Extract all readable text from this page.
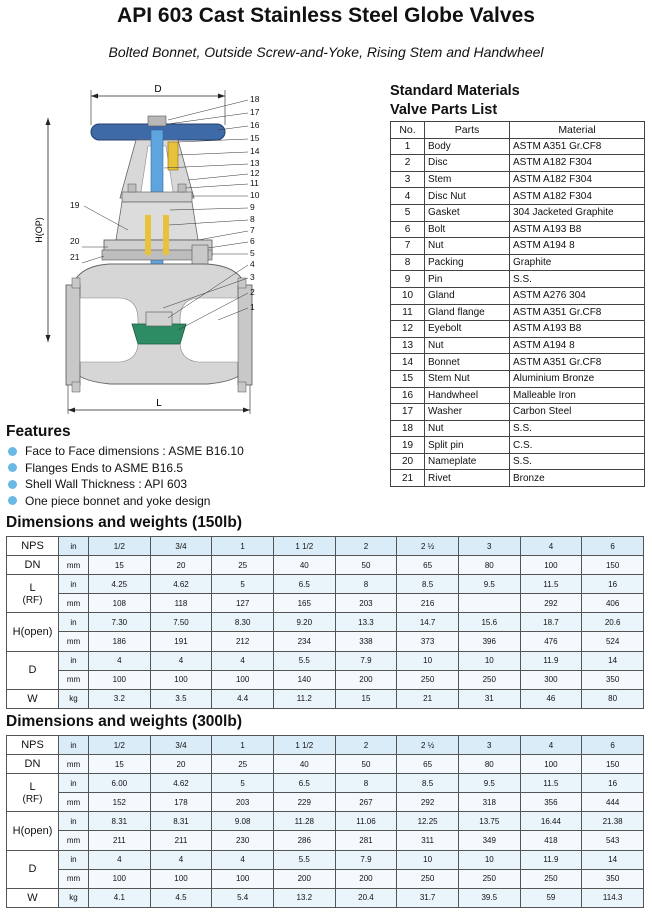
API 603 Cast Stainless Steel Globe Valves
Bolted Bonnet, Outside Screw-and-Yoke, Rising Stem and Handwheel
D
H(OP)
L
18
17
16
15
14
13
12
11
10
9
8
7
6
5
4
3
2
1
19
20
21
Standard Materials
Valve Parts List
No.	Parts	Material
1	Body	ASTM A351 Gr.CF8
2	Disc	ASTM A182 F304
3	Stem	ASTM A182 F304
4	Disc Nut	ASTM A182 F304
5	Gasket	304 Jacketed Graphite
6	Bolt	ASTM A193 B8
7	Nut	ASTM A194 8
8	Packing	Graphite
9	Pin	S.S.
10	Gland	ASTM A276 304
11	Gland flange	ASTM A351 Gr.CF8
12	Eyebolt	ASTM A193 B8
13	Nut	ASTM A194 8
14	Bonnet	ASTM A351 Gr.CF8
15	Stem Nut	Aluminium Bronze
16	Handwheel	Malleable Iron
17	Washer	Carbon Steel
18	Nut	S.S.
19	Split pin	C.S.
20	Nameplate	S.S.
21	Rivet	Bronze
Features
Face to Face dimensions : ASME B16.10
Flanges Ends to ASME B16.5
Shell Wall Thickness : API 603
One piece bonnet and yoke design
Dimensions and weights (150lb)
NPS	in	1/2	3/4	1	1 1/2	2	2 ½	3	4	6
DN	mm	15	20	25	40	50	65	80	100	150
L
(RF)	in	4.25	4.62	5	6.5	8	8.5	9.5	11.5	16
	mm	108	118	127	165	203	216		292	406
H(open)	in	7.30	7.50	8.30	9.20	13.3	14.7	15.6	18.7	20.6
	mm	186	191	212	234	338	373	396	476	524
D	in	4	4	4	5.5	7.9	10	10	11.9	14
	mm	100	100	100	140	200	250	250	300	350
W	kg	3.2	3.5	4.4	11.2	15	21	31	46	80
Dimensions and weights (300lb)
NPS	in	1/2	3/4	1	1 1/2	2	2 ½	3	4	6
DN	mm	15	20	25	40	50	65	80	100	150
L
(RF)	in	6.00	4.62	5	6.5	8	8.5	9.5	11.5	16
	mm	152	178	203	229	267	292	318	356	444
H(open)	in	8.31	8.31	9.08	11.28	11.06	12.25	13.75	16.44	21.38
	mm	211	211	230	286	281	311	349	418	543
D	in	4	4	4	5.5	7.9	10	10	11.9	14
	mm	100	100	100	200	200	250	250	250	350
W	kg	4.1	4.5	5.4	13.2	20.4	31.7	39.5	59	114.3
